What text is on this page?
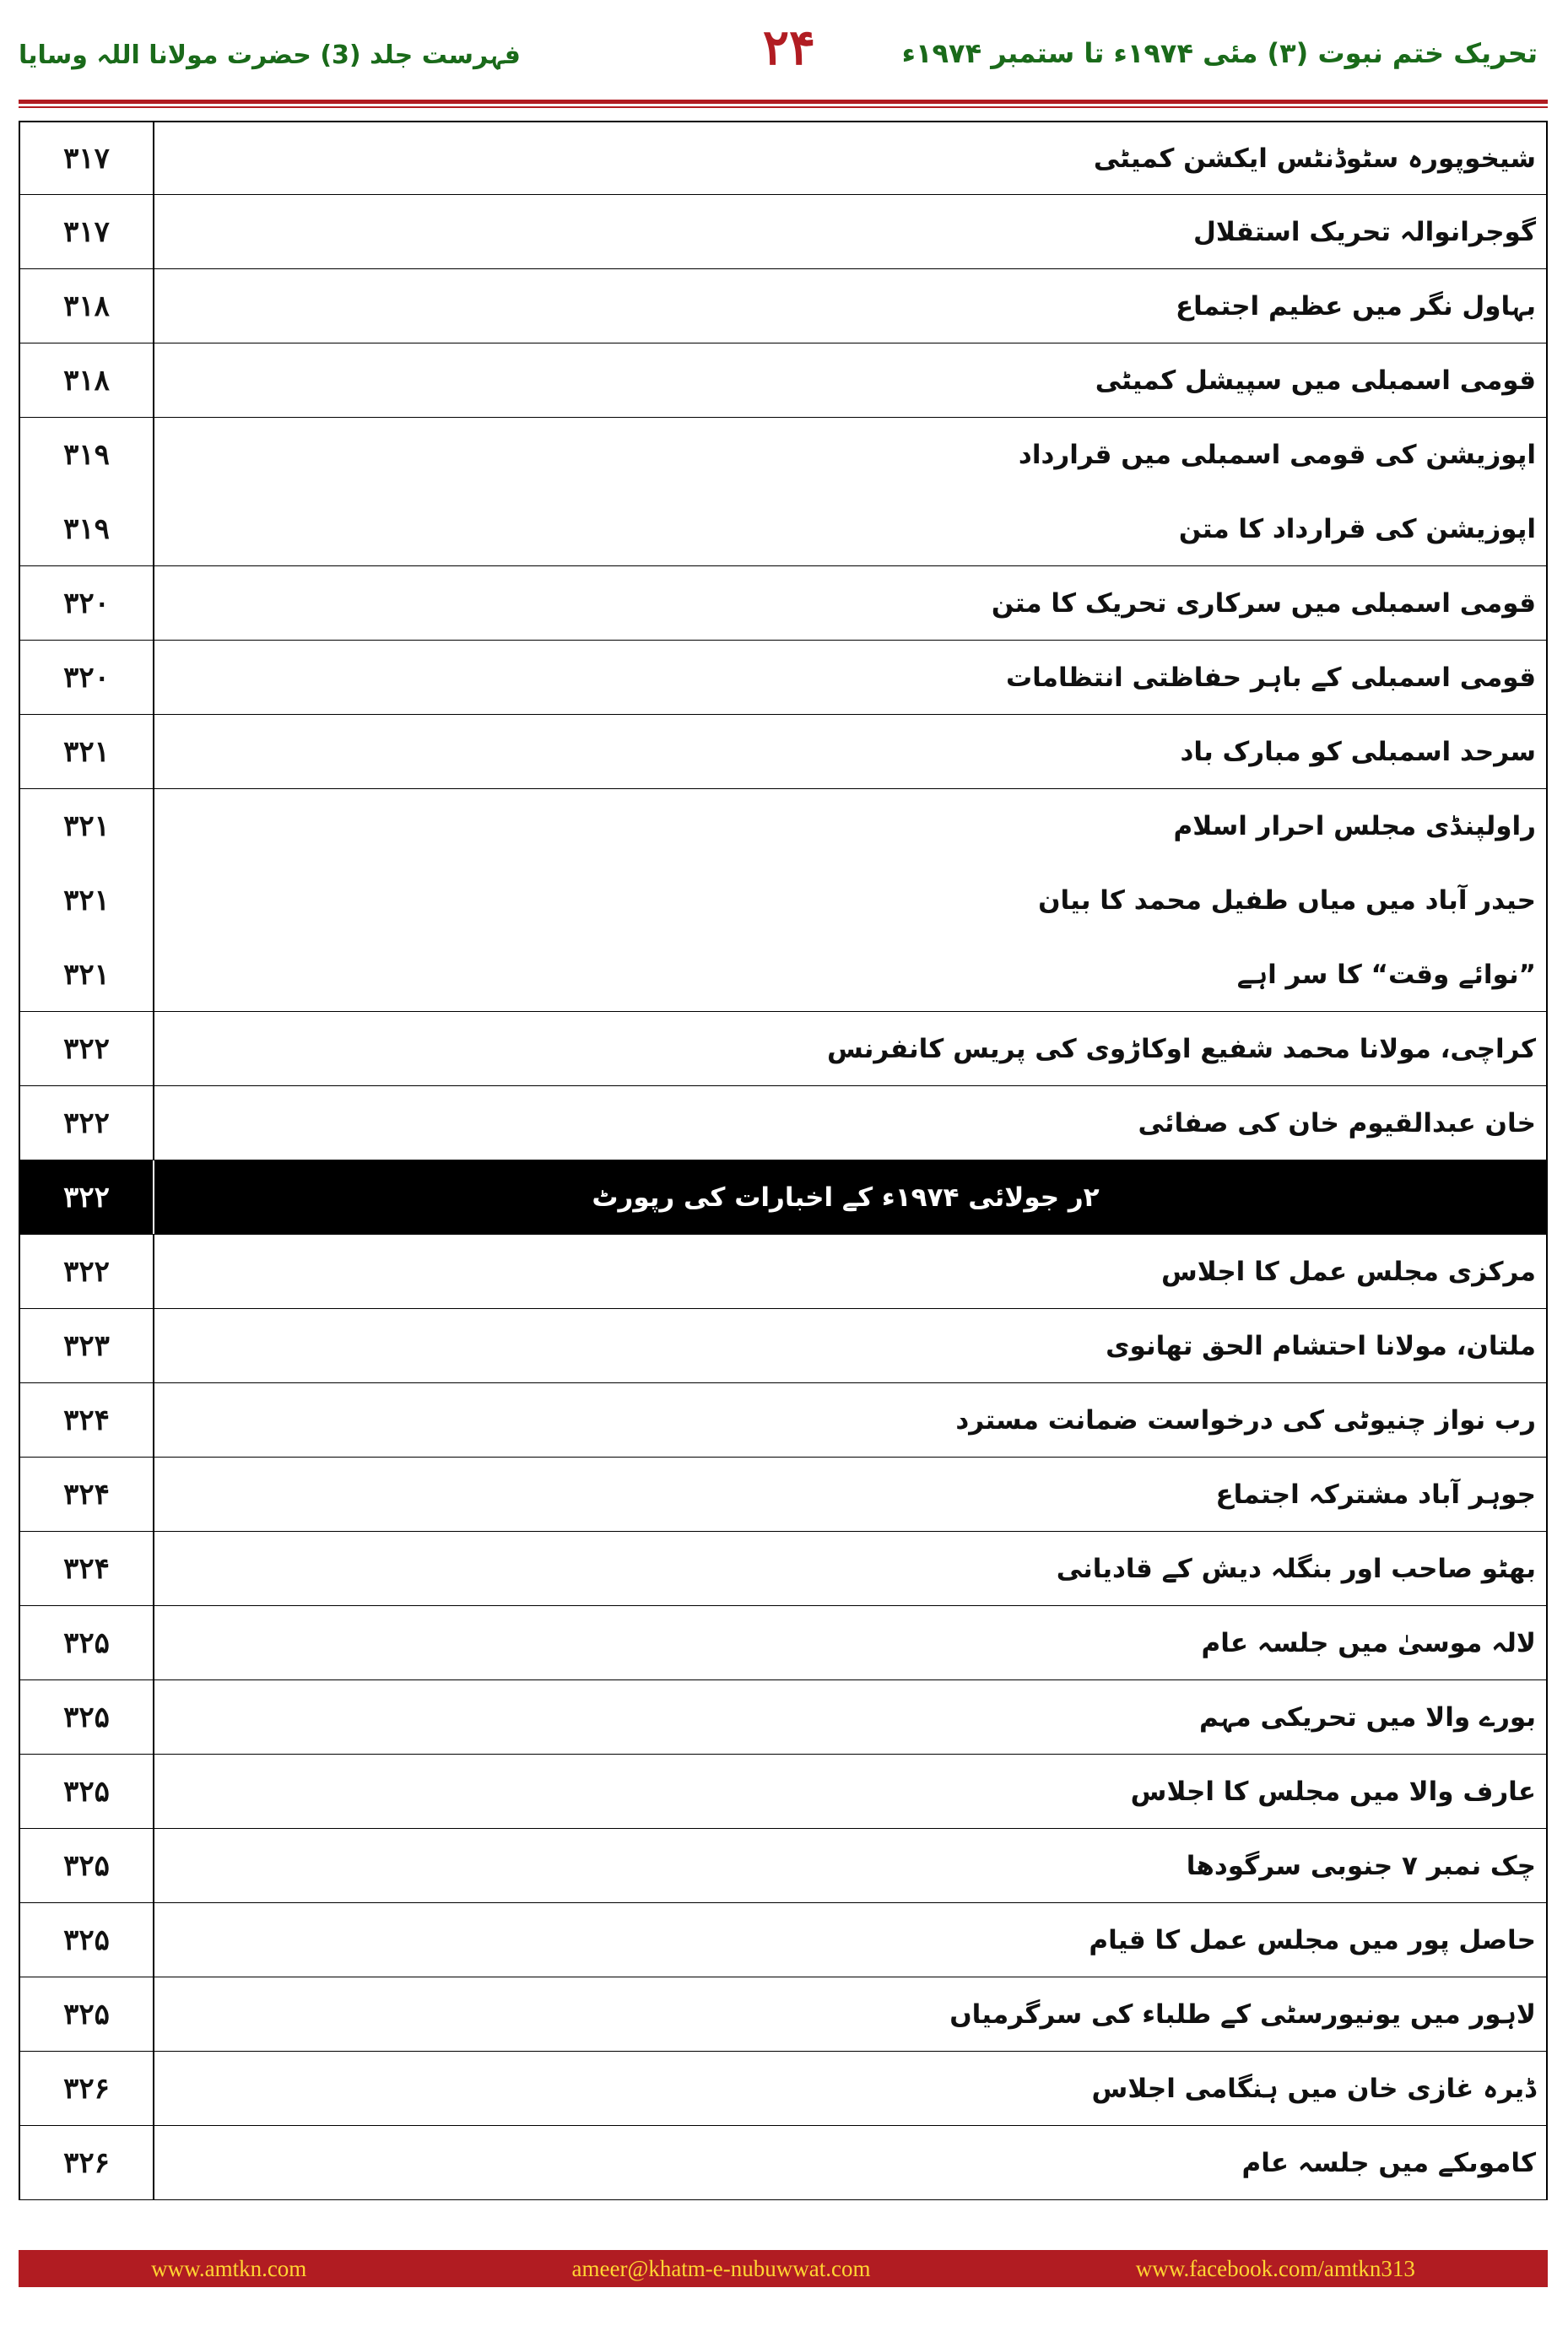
تحریک ختم نبوت (۳) مئی ۱۹۷۴ء تا ستمبر ۱۹۷۴ء
۲۴
فہرست جلد (3) حضرت مولانا اللہ وسایا
۳۱۷	شیخوپورہ سٹوڈنٹس ایکشن کمیٹی
۳۱۷	گوجرانوالہ تحریک استقلال
۳۱۸	بہاول نگر میں عظیم اجتماع
۳۱۸	قومی اسمبلی میں سپیشل کمیٹی
۳۱۹	اپوزیشن کی قومی اسمبلی میں قرارداد
۳۱۹	اپوزیشن کی قرارداد کا متن
۳۲۰	قومی اسمبلی میں سرکاری تحریک کا متن
۳۲۰	قومی اسمبلی کے باہر حفاظتی انتظامات
۳۲۱	سرحد اسمبلی کو مبارک باد
۳۲۱	راولپنڈی مجلس احرار اسلام
۳۲۱	حیدر آباد میں میاں طفیل محمد کا بیان
۳۲۱	”نوائے وقت“ کا سر اہے
۳۲۲	کراچی، مولانا محمد شفیع اوکاڑوی کی پریس کانفرنس
۳۲۲	خان عبدالقیوم خان کی صفائی
۳۲۲	۲ر جولائی ۱۹۷۴ء کے اخبارات کی رپورٹ
۳۲۲	مرکزی مجلس عمل کا اجلاس
۳۲۳	ملتان، مولانا احتشام الحق تھانوی
۳۲۴	رب نواز چنیوٹی کی درخواست ضمانت مسترد
۳۲۴	جوہر آباد مشترکہ اجتماع
۳۲۴	بھٹو صاحب اور بنگلہ دیش کے قادیانی
۳۲۵	لالہ موسیٰ میں جلسہ عام
۳۲۵	بورے والا میں تحریکی مہم
۳۲۵	عارف والا میں مجلس کا اجلاس
۳۲۵	چک نمبر ۷ جنوبی سرگودھا
۳۲۵	حاصل پور میں مجلس عمل کا قیام
۳۲۵	لاہور میں یونیورسٹی کے طلباء کی سرگرمیاں
۳۲۶	ڈیرہ غازی خان میں ہنگامی اجلاس
۳۲۶	کاموںکے میں جلسہ عام
www.amtkn.com	ameer@khatm-e-nubuwwat.com	www.facebook.com/amtkn313
